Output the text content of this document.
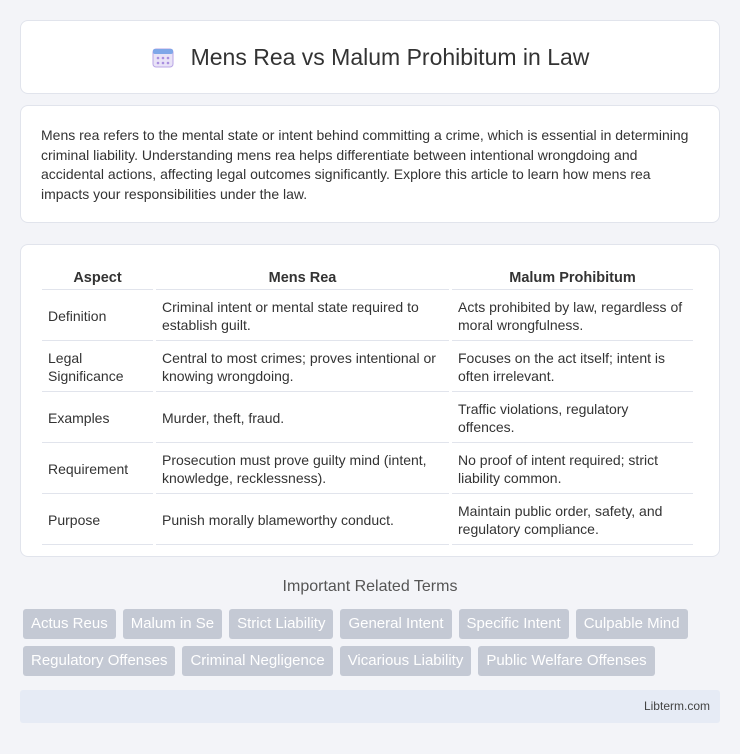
Mens Rea vs Malum Prohibitum in Law

Mens rea refers to the mental state or intent behind committing a crime, which is essential in determining criminal liability. Understanding mens rea helps differentiate between intentional wrongdoing and accidental actions, affecting legal outcomes significantly. Explore this article to learn how mens rea impacts your responsibilities under the law.

Aspect	Mens Rea	Malum Prohibitum
Definition	Criminal intent or mental state required to establish guilt.	Acts prohibited by law, regardless of moral wrongfulness.
Legal Significance	Central to most crimes; proves intentional or knowing wrongdoing.	Focuses on the act itself; intent is often irrelevant.
Examples	Murder, theft, fraud.	Traffic violations, regulatory offences.
Requirement	Prosecution must prove guilty mind (intent, knowledge, recklessness).	No proof of intent required; strict liability common.
Purpose	Punish morally blameworthy conduct.	Maintain public order, safety, and regulatory compliance.
Important Related Terms
Actus Reus	Malum in Se	Strict Liability	General Intent	Specific Intent	Culpable Mind
Regulatory Offenses	Criminal Negligence	Vicarious Liability	Public Welfare Offenses
Libterm.com
